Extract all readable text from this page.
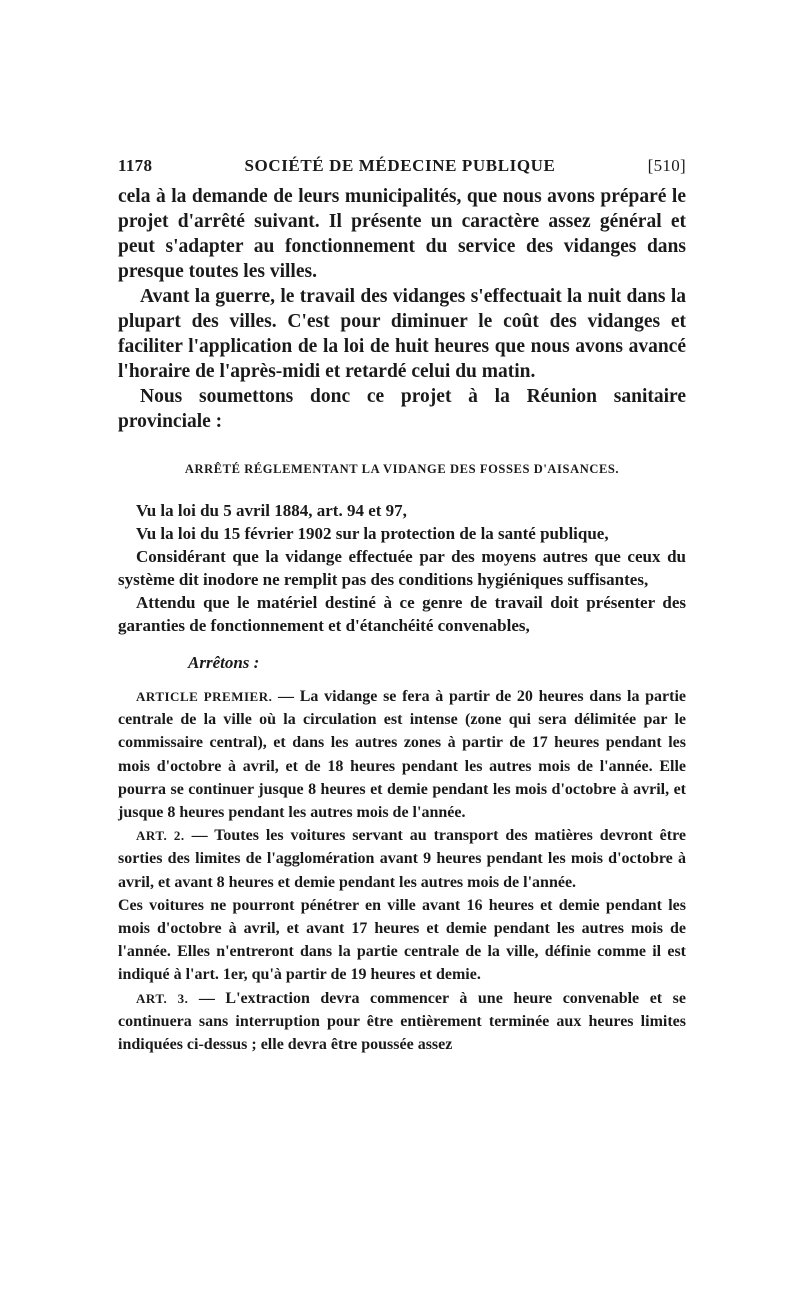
1178	SOCIÉTÉ DE MÉDECINE PUBLIQUE	[510]

cela à la demande de leurs municipalités, que nous avons préparé le projet d'arrêté suivant. Il présente un caractère assez général et peut s'adapter au fonctionnement du service des vidanges dans presque toutes les villes.

Avant la guerre, le travail des vidanges s'effectuait la nuit dans la plupart des villes. C'est pour diminuer le coût des vidanges et faciliter l'application de la loi de huit heures que nous avons avancé l'horaire de l'après-midi et retardé celui du matin.

Nous soumettons donc ce projet à la Réunion sanitaire provinciale :

ARRÊTÉ RÉGLEMENTANT LA VIDANGE DES FOSSES D'AISANCES.

Vu la loi du 5 avril 1884, art. 94 et 97,

Vu la loi du 15 février 1902 sur la protection de la santé publique,

Considérant que la vidange effectuée par des moyens autres que ceux du système dit inodore ne remplit pas des conditions hygiéniques suffisantes,

Attendu que le matériel destiné à ce genre de travail doit présenter des garanties de fonctionnement et d'étanchéité convenables,

Arrêtons :

ARTICLE PREMIER. — La vidange se fera à partir de 20 heures dans la partie centrale de la ville où la circulation est intense (zone qui sera délimitée par le commissaire central), et dans les autres zones à partir de 17 heures pendant les mois d'octobre à avril, et de 18 heures pendant les autres mois de l'année. Elle pourra se continuer jusque 8 heures et demie pendant les mois d'octobre à avril, et jusque 8 heures pendant les autres mois de l'année.

ART. 2. — Toutes les voitures servant au transport des matières devront être sorties des limites de l'agglomération avant 9 heures pendant les mois d'octobre à avril, et avant 8 heures et demie pendant les autres mois de l'année.

Ces voitures ne pourront pénétrer en ville avant 16 heures et demie pendant les mois d'octobre à avril, et avant 17 heures et demie pendant les autres mois de l'année. Elles n'entreront dans la partie centrale de la ville, définie comme il est indiqué à l'art. 1er, qu'à partir de 19 heures et demie.

ART. 3. — L'extraction devra commencer à une heure convenable et se continuera sans interruption pour être entièrement terminée aux heures limites indiquées ci-dessus ; elle devra être poussée assez
